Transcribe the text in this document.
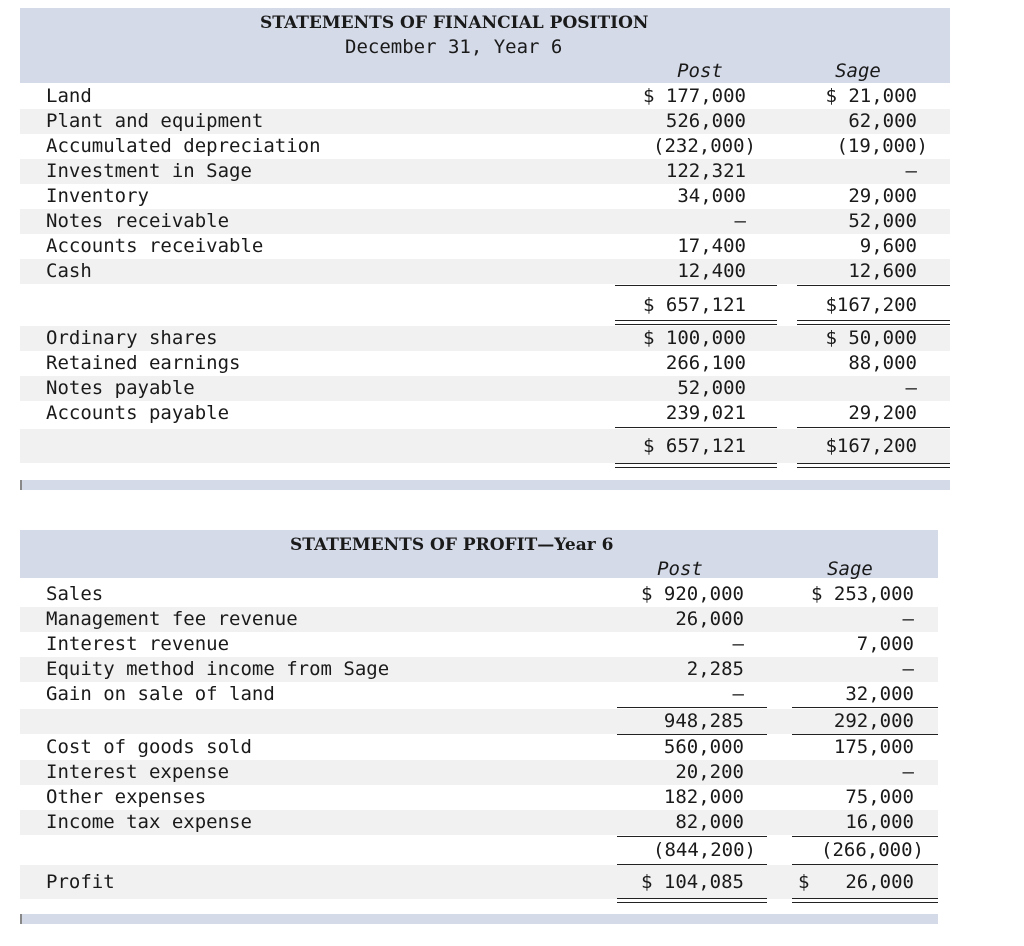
STATEMENTS OF FINANCIAL POSITION
December 31, Year 6
Post	Sage
Land	$ 177,000	$ 21,000
Plant and equipment	526,000	62,000
Accumulated depreciation	(232,000)	(19,000)
Investment in Sage	122,321	—
Inventory	34,000	29,000
Notes receivable	—	52,000
Accounts receivable	17,400	9,600
Cash	12,400	12,600
$ 657,121	$167,200
Ordinary shares	$ 100,000	$ 50,000
Retained earnings	266,100	88,000
Notes payable	52,000	—
Accounts payable	239,021	29,200
$ 657,121	$167,200
STATEMENTS OF PROFIT—Year 6
Post	Sage
Sales	$ 920,000	$ 253,000
Management fee revenue	26,000	—
Interest revenue	—	7,000
Equity method income from Sage	2,285	—
Gain on sale of land	—	32,000
948,285	292,000
Cost of goods sold	560,000	175,000
Interest expense	20,200	—
Other expenses	182,000	75,000
Income tax expense	82,000	16,000
(844,200)	(266,000)
Profit	$ 104,085	$ 26,000
